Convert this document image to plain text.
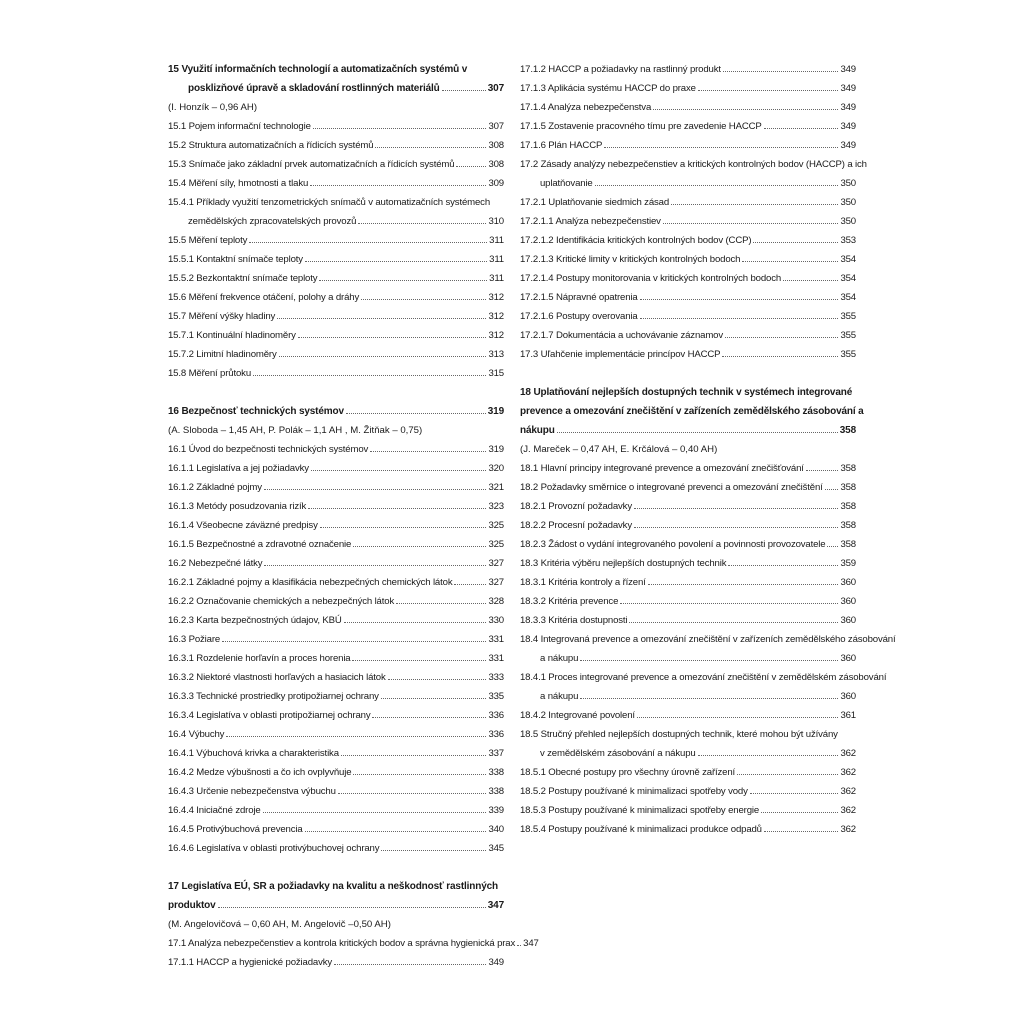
15 Využití informačních technologií a automatizačních systémů v
posklizňové úpravě a skladování rostlinných materiálů	307
(I. Honzík – 0,96 AH)
15.1 Pojem informační technologie	307
15.2 Struktura automatizačních a řídicích systémů	308
15.3 Snímače jako základní prvek automatizačních a řídicích systémů	308
15.4 Měření síly, hmotnosti a tlaku	309
15.4.1 Příklady využití tenzometrických snímačů v automatizačních systémech
zemědělských zpracovatelských provozů	310
15.5 Měření teploty	311
15.5.1 Kontaktní snímače teploty	311
15.5.2 Bezkontaktní snímače teploty	311
15.6 Měření frekvence otáčení, polohy a dráhy	312
15.7 Měření výšky hladiny	312
15.7.1 Kontinuální hladinoměry	312
15.7.2 Limitní hladinoměry	313
15.8 Měření průtoku	315
16 Bezpečnosť technických systémov	319
(A. Sloboda – 1,45 AH, P. Polák – 1,1 AH , M. Žitňak – 0,75)
16.1 Úvod do bezpečnosti technických systémov	319
16.1.1 Legislatíva a jej požiadavky	320
16.1.2 Základné pojmy	321
16.1.3 Metódy posudzovania rizík	323
16.1.4 Všeobecne záväzné predpisy	325
16.1.5 Bezpečnostné a zdravotné označenie	325
16.2 Nebezpečné látky	327
16.2.1 Základné pojmy a klasifikácia nebezpečných chemických látok	327
16.2.2 Označovanie chemických a nebezpečných látok	328
16.2.3 Karta bezpečnostných údajov, KBÚ	330
16.3 Požiare	331
16.3.1 Rozdelenie horľavín a proces horenia	331
16.3.2 Niektoré vlastnosti horľavých a hasiacich látok	333
16.3.3 Technické prostriedky protipožiarnej ochrany	335
16.3.4 Legislatíva v oblasti protipožiarnej ochrany	336
16.4 Výbuchy	336
16.4.1 Výbuchová krivka a charakteristika	337
16.4.2 Medze výbušnosti a čo ich ovplyvňuje	338
16.4.3 Určenie nebezpečenstva výbuchu	338
16.4.4 Iniciačné zdroje	339
16.4.5 Protivýbuchová prevencia	340
16.4.6 Legislatíva v oblasti protivýbuchovej ochrany	345
17 Legislatíva EÚ, SR a požiadavky na kvalitu a neškodnosť rastlinných
produktov	347
(M. Angelovičová – 0,60 AH, M. Angelovič –0,50 AH)
17.1 Analýza nebezpečenstiev a kontrola kritických bodov a správna hygienická prax 347
17.1.1 HACCP a hygienické požiadavky	349
17.1.2 HACCP a požiadavky na rastlinný produkt	349
17.1.3 Aplikácia systému HACCP do praxe	349
17.1.4 Analýza nebezpečenstva	349
17.1.5 Zostavenie pracovného tímu pre zavedenie HACCP	349
17.1.6 Plán HACCP	349
17.2 Zásady analýzy nebezpečenstiev a kritických kontrolných bodov (HACCP) a ich
uplatňovanie	350
17.2.1 Uplatňovanie siedmich zásad	350
17.2.1.1 Analýza nebezpečenstiev	350
17.2.1.2 Identifikácia kritických kontrolných bodov (CCP)	353
17.2.1.3 Kritické limity v kritických kontrolných bodoch	354
17.2.1.4 Postupy monitorovania v kritických kontrolných bodoch	354
17.2.1.5 Nápravné opatrenia	354
17.2.1.6 Postupy overovania	355
17.2.1.7 Dokumentácia a uchovávanie záznamov	355
17.3 Uľahčenie implementácie princípov HACCP	355
18 Uplatňování nejlepších dostupných technik v systémech integrované
prevence a omezování znečištění v zařízeních zemědělského zásobování a
nákupu	358
(J. Mareček – 0,47 AH, E. Krčálová – 0,40 AH)
18.1 Hlavní principy integrované prevence a omezování znečišťování	358
18.2 Požadavky směrnice o integrované prevenci a omezování znečištění 358
18.2.1 Provozní požadavky	358
18.2.2 Procesní požadavky	358
18.2.3 Žádost o vydání integrovaného povolení a povinnosti provozovatele 358
18.3 Kritéria výběru nejlepších dostupných technik	359
18.3.1 Kritéria kontroly a řízení	360
18.3.2 Kritéria prevence	360
18.3.3 Kritéria dostupnosti	360
18.4 Integrovaná prevence a omezování znečištění v zařízeních zemědělského zásobování
a nákupu	360
18.4.1 Proces integrované prevence a omezování znečištění v zemědělském zásobování
a nákupu	360
18.4.2 Integrované povolení	361
18.5 Stručný přehled nejlepších dostupných technik, které mohou být užívány
v zemědělském zásobování a nákupu	362
18.5.1 Obecné postupy pro všechny úrovně zařízení	362
18.5.2 Postupy používané k minimalizaci spotřeby vody	362
18.5.3 Postupy používané k minimalizaci spotřeby energie	362
18.5.4 Postupy používané k minimalizaci produkce odpadů	362
